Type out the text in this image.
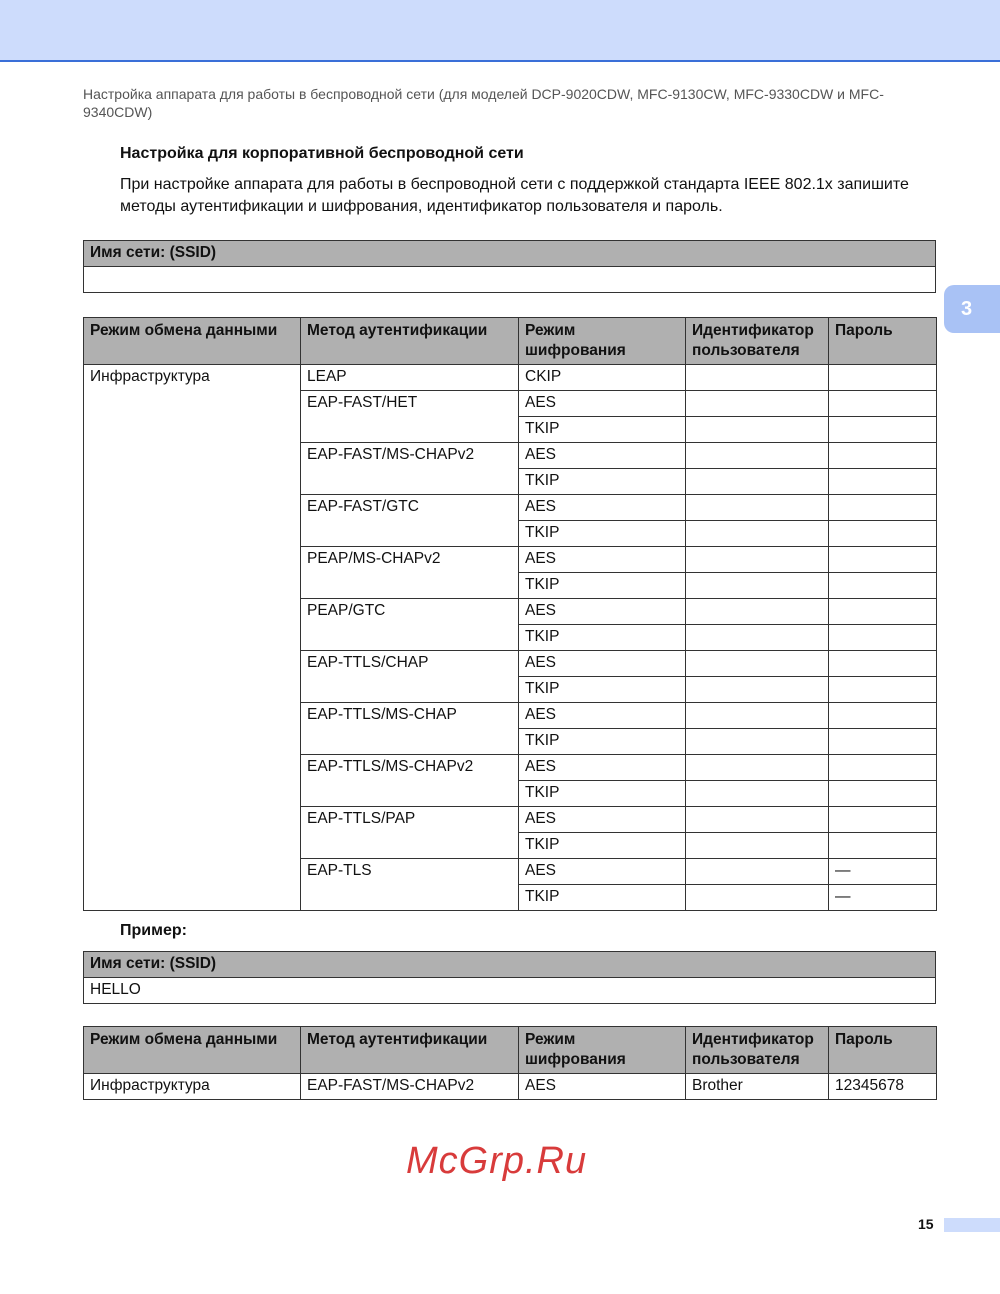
Настройка аппарата для работы в беспроводной сети (для моделей DCP-9020CDW, MFC-9130CW, MFC-9330CDW и MFC-9340CDW)
Настройка для корпоративной беспроводной сети
При настройке аппарата для работы в беспроводной сети с поддержкой стандарта IEEE 802.1x запишите методы аутентификации и шифрования, идентификатор пользователя и пароль.
3
Имя сети: (SSID)

Режим обмена данными	Метод аутентификации	Режим шифрования	Идентификатор пользователя	Пароль
Инфраструктура	LEAP	CKIP		
	EAP-FAST/НЕТ	AES		
		TKIP		
	EAP-FAST/MS-CHAPv2	AES		
		TKIP		
	EAP-FAST/GTC	AES		
		TKIP		
	PEAP/MS-CHAPv2	AES		
		TKIP		
	PEAP/GTC	AES		
		TKIP		
	EAP-TTLS/CHAP	AES		
		TKIP		
	EAP-TTLS/MS-CHAP	AES		
		TKIP		
	EAP-TTLS/MS-CHAPv2	AES		
		TKIP		
	EAP-TTLS/PAP	AES		
		TKIP		
	EAP-TLS	AES		—
		TKIP		—
Пример:
Имя сети: (SSID)
HELLO
Режим обмена данными	Метод аутентификации	Режим шифрования	Идентификатор пользователя	Пароль
Инфраструктура	EAP-FAST/MS-CHAPv2	AES	Brother	12345678
McGrp.Ru
15
